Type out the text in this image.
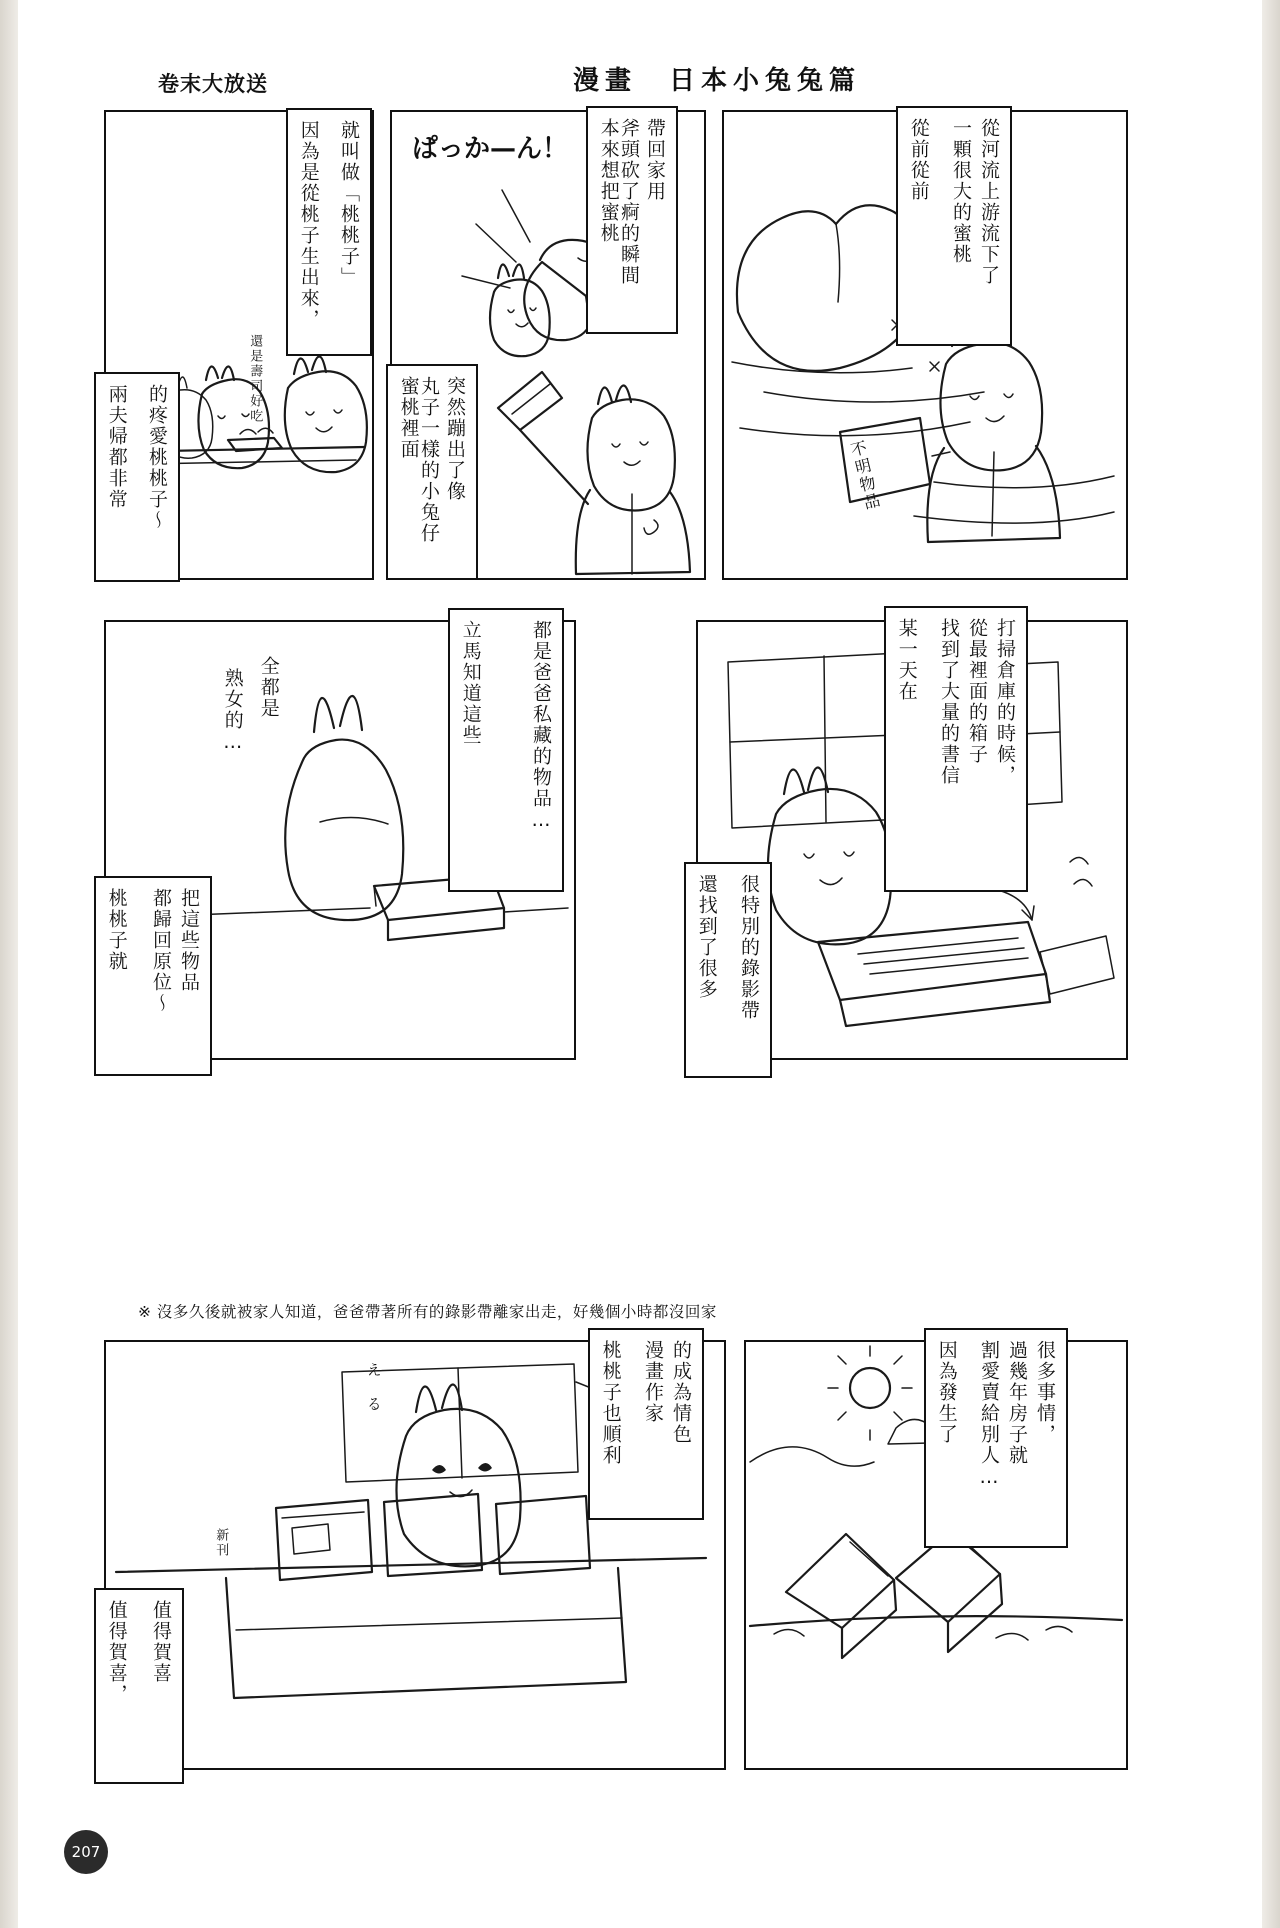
卷末大放送	漫畫　日本小兔兔篇
因為是從桃子生出來， 就叫做「桃桃子」
兩夫帰都非常 的疼愛桃桃子～
還是壽司好吃
ぱっか—ん！ 本來想把蜜桃 帶回家用
斧頭砍了痾的瞬間
蜜桃裡面 突然蹦出了像
丸子一樣的小兔仔	不明物品
從前從前	從河流上游流下了
一顆很大的蜜桃
立馬知道這些	都是爸爸私藏的物品…
全都是
熟女的…
桃桃子就	把這些物品
都歸回原位～
某一天在	打掃倉庫的時候，
從最裡面的箱子
找到了大量的書信
還找到了很多 很特別的錄影帶
※ 沒多久後就被家人知道，爸爸帶著所有的錄影帶離家出走，好幾個小時都沒回家
新刊
え　る	桃桃子也順利	的成為情色
漫畫作家
值得賀喜， 值得賀喜
因為發生了	很多事情，
過幾年房子就
割愛賣給別人…
207
